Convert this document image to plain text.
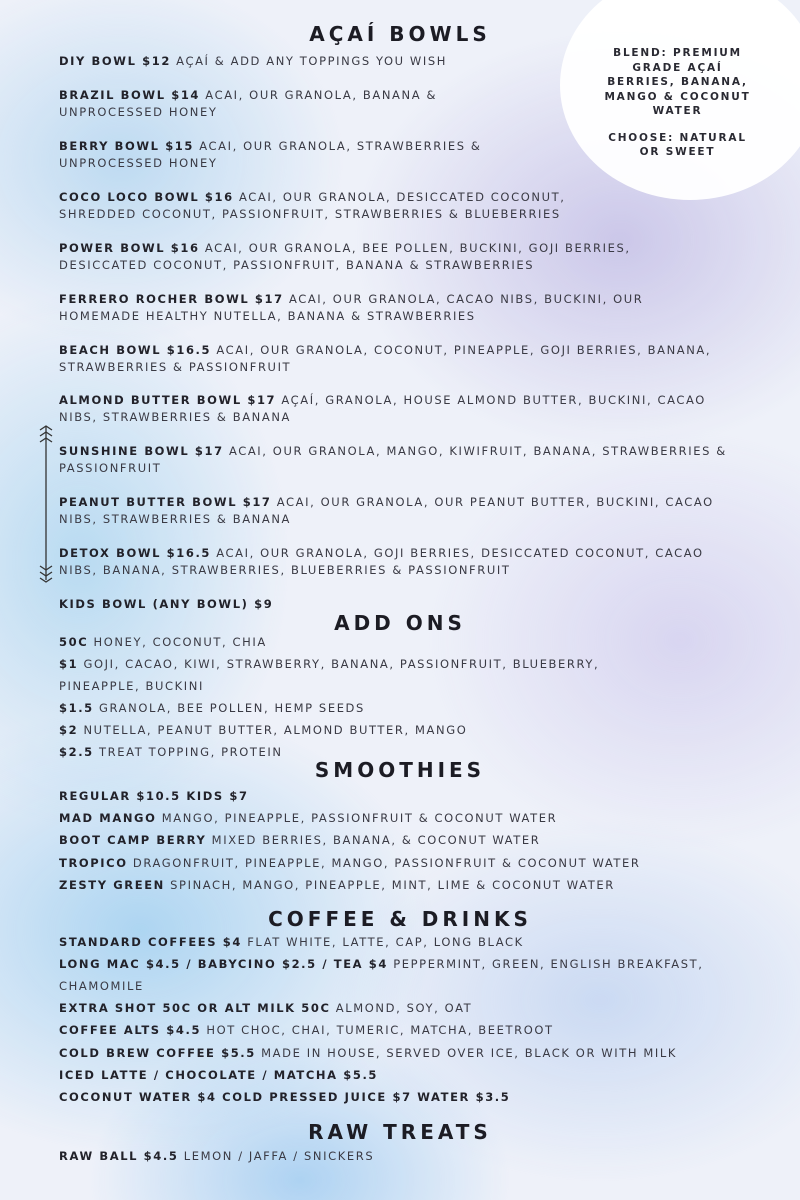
BLEND: PREMIUM
GRADE AÇAÍ
BERRIES, BANANA,
MANGO & COCONUT
WATER
CHOOSE: NATURAL
OR SWEET
AÇAÍ BOWLS
DIY BOWL $12 AÇAÍ & ADD ANY TOPPINGS YOU WISH
BRAZIL BOWL $14 ACAI, OUR GRANOLA, BANANA &
UNPROCESSED HONEY
BERRY BOWL $15 ACAI, OUR GRANOLA, STRAWBERRIES &
UNPROCESSED HONEY
COCO LOCO BOWL $16 ACAI, OUR GRANOLA, DESICCATED COCONUT,
SHREDDED COCONUT, PASSIONFRUIT, STRAWBERRIES & BLUEBERRIES
POWER BOWL $16 ACAI, OUR GRANOLA, BEE POLLEN, BUCKINI, GOJI BERRIES,
DESICCATED COCONUT, PASSIONFRUIT, BANANA & STRAWBERRIES
FERRERO ROCHER BOWL $17 ACAI, OUR GRANOLA, CACAO NIBS, BUCKINI, OUR
HOMEMADE HEALTHY NUTELLA, BANANA & STRAWBERRIES
BEACH BOWL $16.5 ACAI, OUR GRANOLA, COCONUT, PINEAPPLE, GOJI BERRIES, BANANA,
STRAWBERRIES & PASSIONFRUIT
ALMOND BUTTER BOWL $17 AÇAÍ, GRANOLA, HOUSE ALMOND BUTTER, BUCKINI, CACAO
NIBS, STRAWBERRIES & BANANA
SUNSHINE BOWL $17 ACAI, OUR GRANOLA, MANGO, KIWIFRUIT, BANANA, STRAWBERRIES &
PASSIONFRUIT
PEANUT BUTTER BOWL $17 ACAI, OUR GRANOLA, OUR PEANUT BUTTER, BUCKINI, CACAO
NIBS, STRAWBERRIES & BANANA
DETOX BOWL $16.5 ACAI, OUR GRANOLA, GOJI BERRIES, DESICCATED COCONUT, CACAO
NIBS, BANANA, STRAWBERRIES, BLUEBERRIES & PASSIONFRUIT
KIDS BOWL (ANY BOWL) $9
ADD ONS
50C HONEY, COCONUT, CHIA
$1 GOJI, CACAO, KIWI, STRAWBERRY, BANANA, PASSIONFRUIT, BLUEBERRY,
PINEAPPLE, BUCKINI
$1.5 GRANOLA, BEE POLLEN, HEMP SEEDS
$2 NUTELLA, PEANUT BUTTER, ALMOND BUTTER, MANGO
$2.5 TREAT TOPPING, PROTEIN
SMOOTHIES
REGULAR $10.5 KIDS $7
MAD MANGO MANGO, PINEAPPLE, PASSIONFRUIT & COCONUT WATER
BOOT CAMP BERRY MIXED BERRIES, BANANA, & COCONUT WATER
TROPICO DRAGONFRUIT, PINEAPPLE, MANGO, PASSIONFRUIT & COCONUT WATER
ZESTY GREEN SPINACH, MANGO, PINEAPPLE, MINT, LIME & COCONUT WATER
COFFEE & DRINKS
STANDARD COFFEES $4 FLAT WHITE, LATTE, CAP, LONG BLACK
LONG MAC $4.5 / BABYCINO $2.5 / TEA $4 PEPPERMINT, GREEN, ENGLISH BREAKFAST,
CHAMOMILE
EXTRA SHOT 50C OR ALT MILK 50C ALMOND, SOY, OAT
COFFEE ALTS $4.5 HOT CHOC, CHAI, TUMERIC, MATCHA, BEETROOT
COLD BREW COFFEE $5.5 MADE IN HOUSE, SERVED OVER ICE, BLACK OR WITH MILK
ICED LATTE / CHOCOLATE / MATCHA $5.5
COCONUT WATER $4 COLD PRESSED JUICE $7 WATER $3.5
RAW TREATS
RAW BALL $4.5 LEMON / JAFFA / SNICKERS
